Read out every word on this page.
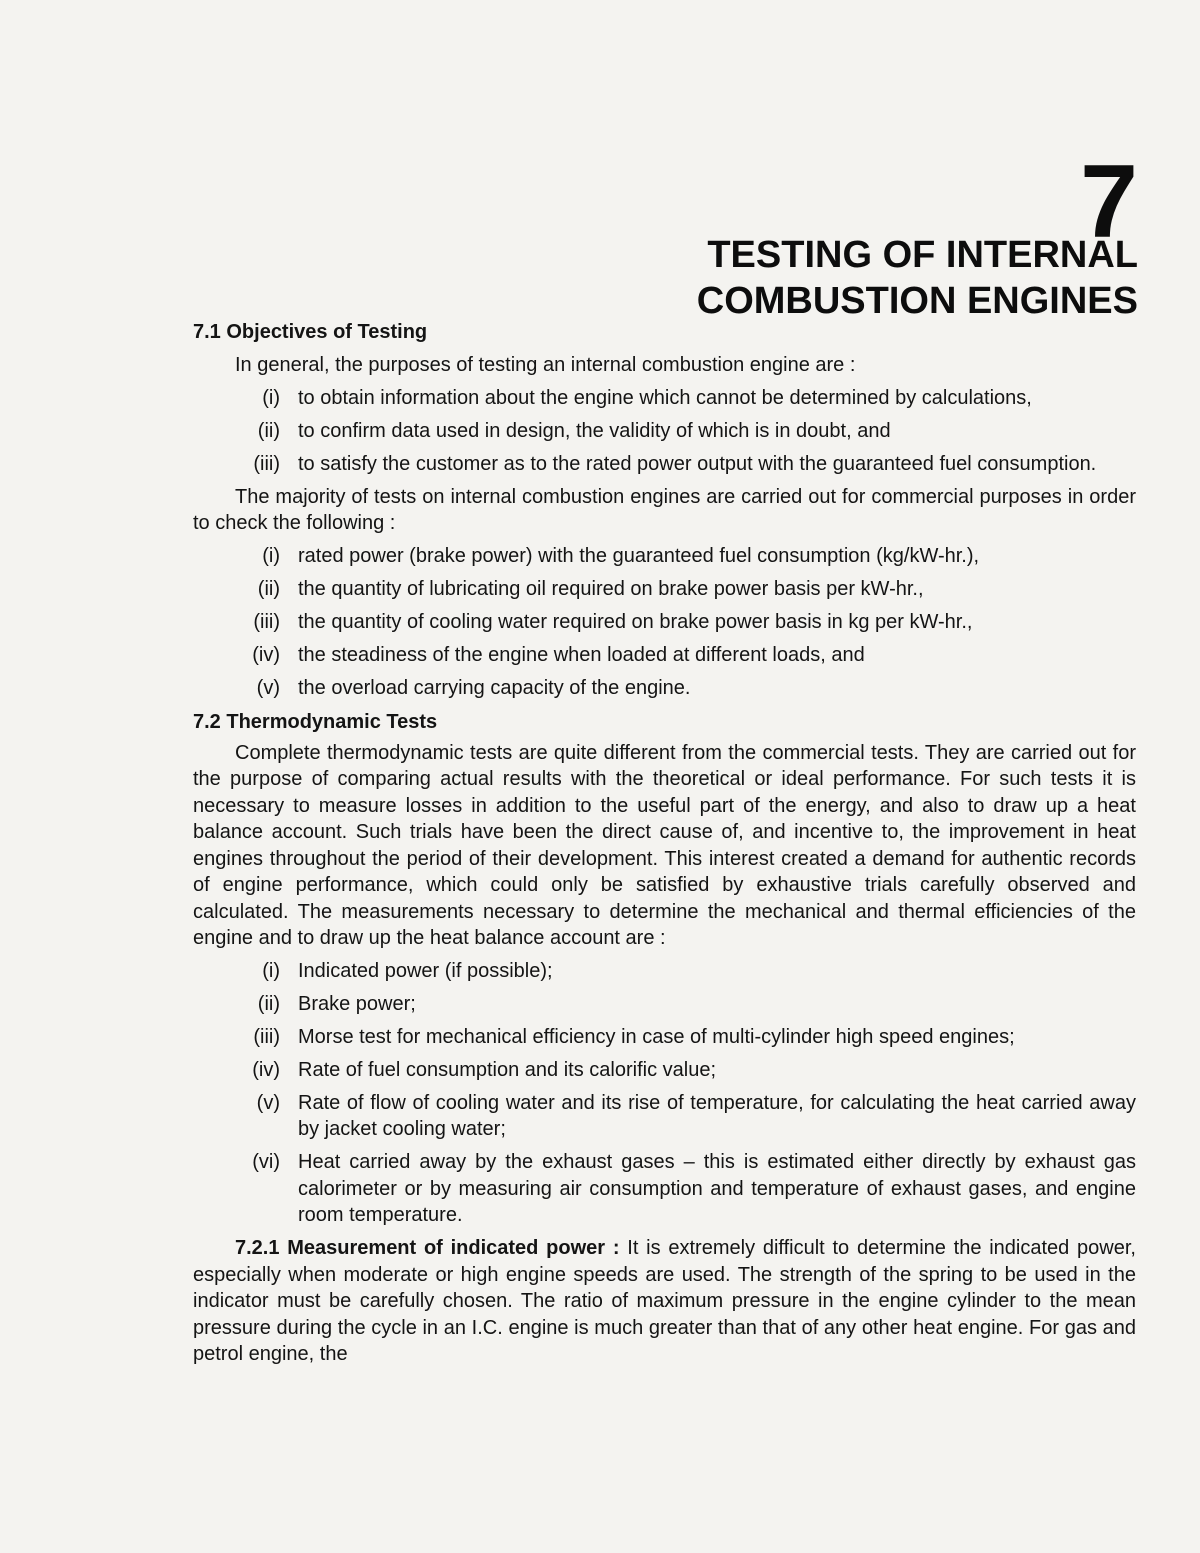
7
TESTING OF INTERNAL
COMBUSTION ENGINES
7.1 Objectives of Testing

In general, the purposes of testing an internal combustion engine are :

(i) to obtain information about the engine which cannot be determined by calculations,
(ii) to confirm data used in design, the validity of which is in doubt, and
(iii) to satisfy the customer as to the rated power output with the guaranteed fuel consumption.

The majority of tests on internal combustion engines are carried out for commercial purposes in order to check the following :

(i) rated power (brake power) with the guaranteed fuel consumption (kg/kW-hr.),
(ii) the quantity of lubricating oil required on brake power basis per kW-hr.,
(iii) the quantity of cooling water required on brake power basis in kg per kW-hr.,
(iv) the steadiness of the engine when loaded at different loads, and
(v) the overload carrying capacity of the engine.
7.2 Thermodynamic Tests

Complete thermodynamic tests are quite different from the commercial tests. They are carried out for the purpose of comparing actual results with the theoretical or ideal performance. For such tests it is necessary to measure losses in addition to the useful part of the energy, and also to draw up a heat balance account. Such trials have been the direct cause of, and incentive to, the improvement in heat engines throughout the period of their development. This interest created a demand for authentic records of engine performance, which could only be satisfied by exhaustive trials carefully observed and calculated. The measurements necessary to determine the mechanical and thermal efficiencies of the engine and to draw up the heat balance account are :

(i) Indicated power (if possible);
(ii) Brake power;
(iii) Morse test for mechanical efficiency in case of multi-cylinder high speed engines;
(iv) Rate of fuel consumption and its calorific value;
(v) Rate of flow of cooling water and its rise of temperature, for calculating the heat carried away by jacket cooling water;
(vi) Heat carried away by the exhaust gases – this is estimated either directly by exhaust gas calorimeter or by measuring air consumption and temperature of exhaust gases, and engine room temperature.

7.2.1 Measurement of indicated power : It is extremely difficult to determine the indicated power, especially when moderate or high engine speeds are used. The strength of the spring to be used in the indicator must be carefully chosen. The ratio of maximum pressure in the engine cylinder to the mean pressure during the cycle in an I.C. engine is much greater than that of any other heat engine. For gas and petrol engine, the
